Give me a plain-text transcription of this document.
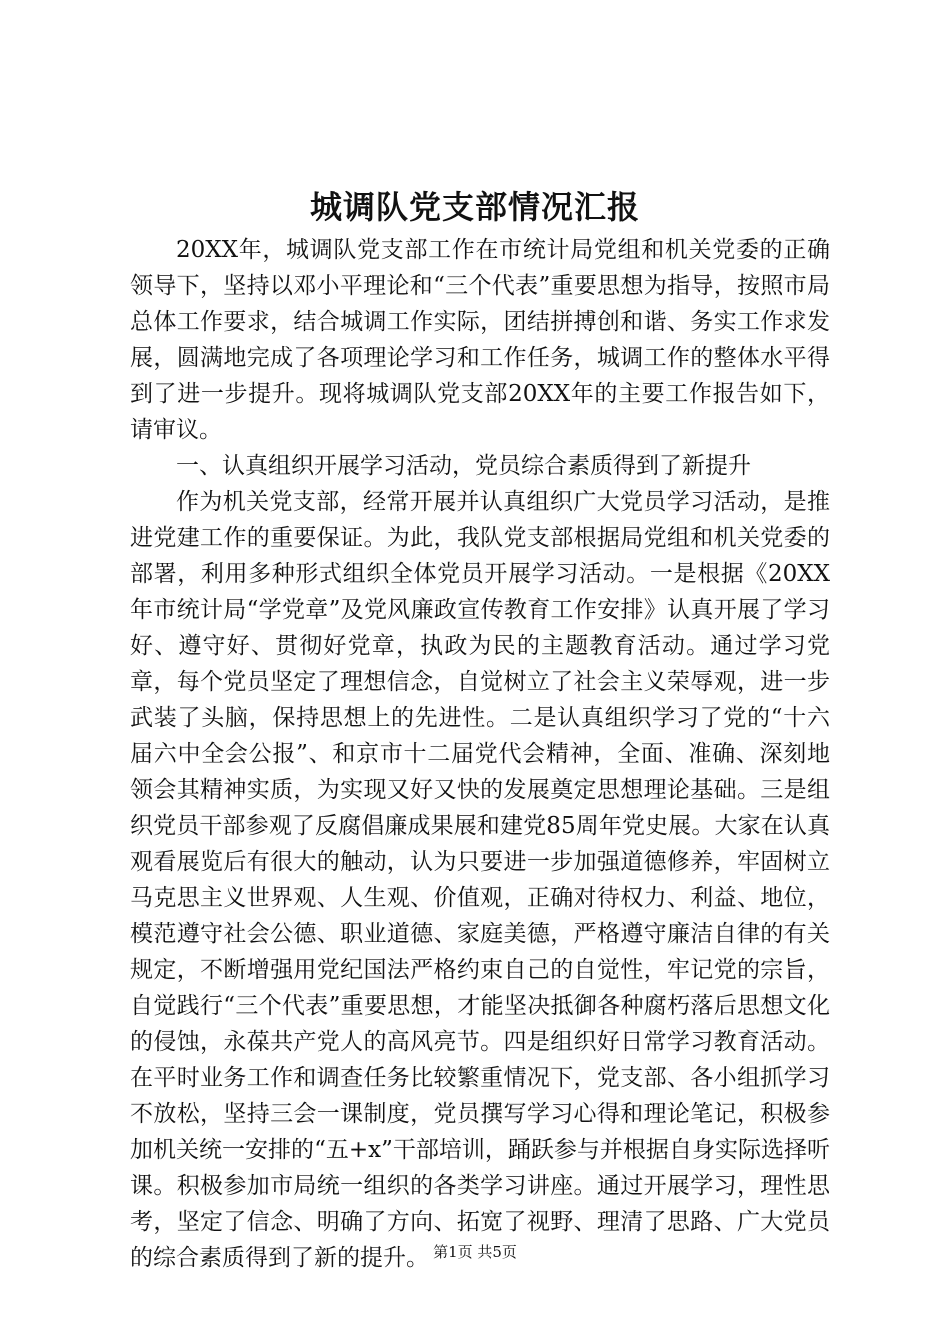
城调队党支部情况汇报

20XX年，城调队党支部工作在市统计局党组和机关党委的正确领导下，坚持以邓小平理论和“三个代表”重要思想为指导，按照市局总体工作要求，结合城调工作实际，团结拼搏创和谐、务实工作求发展，圆满地完成了各项理论学习和工作任务，城调工作的整体水平得到了进一步提升。现将城调队党支部20XX年的主要工作报告如下，请审议。

一、认真组织开展学习活动，党员综合素质得到了新提升

作为机关党支部，经常开展并认真组织广大党员学习活动，是推进党建工作的重要保证。为此，我队党支部根据局党组和机关党委的部署，利用多种形式组织全体党员开展学习活动。一是根据《20XX年市统计局“学党章”及党风廉政宣传教育工作安排》认真开展了学习好、遵守好、贯彻好党章，执政为民的主题教育活动。通过学习党章，每个党员坚定了理想信念，自觉树立了社会主义荣辱观，进一步武装了头脑，保持思想上的先进性。二是认真组织学习了党的“十六届六中全会公报”、和京市十二届党代会精神，全面、准确、深刻地领会其精神实质，为实现又好又快的发展奠定思想理论基础。三是组织党员干部参观了反腐倡廉成果展和建党85周年党史展。大家在认真观看展览后有很大的触动，认为只要进一步加强道德修养，牢固树立马克思主义世界观、人生观、价值观，正确对待权力、利益、地位，模范遵守社会公德、职业道德、家庭美德，严格遵守廉洁自律的有关规定，不断增强用党纪国法严格约束自己的自觉性，牢记党的宗旨，自觉践行“三个代表”重要思想，才能坚决抵御各种腐朽落后思想文化的侵蚀，永葆共产党人的高风亮节。四是组织好日常学习教育活动。在平时业务工作和调查任务比较繁重情况下，党支部、各小组抓学习不放松，坚持三会一课制度，党员撰写学习心得和理论笔记，积极参加机关统一安排的“五+x”干部培训，踊跃参与并根据自身实际选择听课。积极参加市局统一组织的各类学习讲座。通过开展学习，理性思考，坚定了信念、明确了方向、拓宽了视野、理清了思路、广大党员的综合素质得到了新的提升。 第1页 共5页
